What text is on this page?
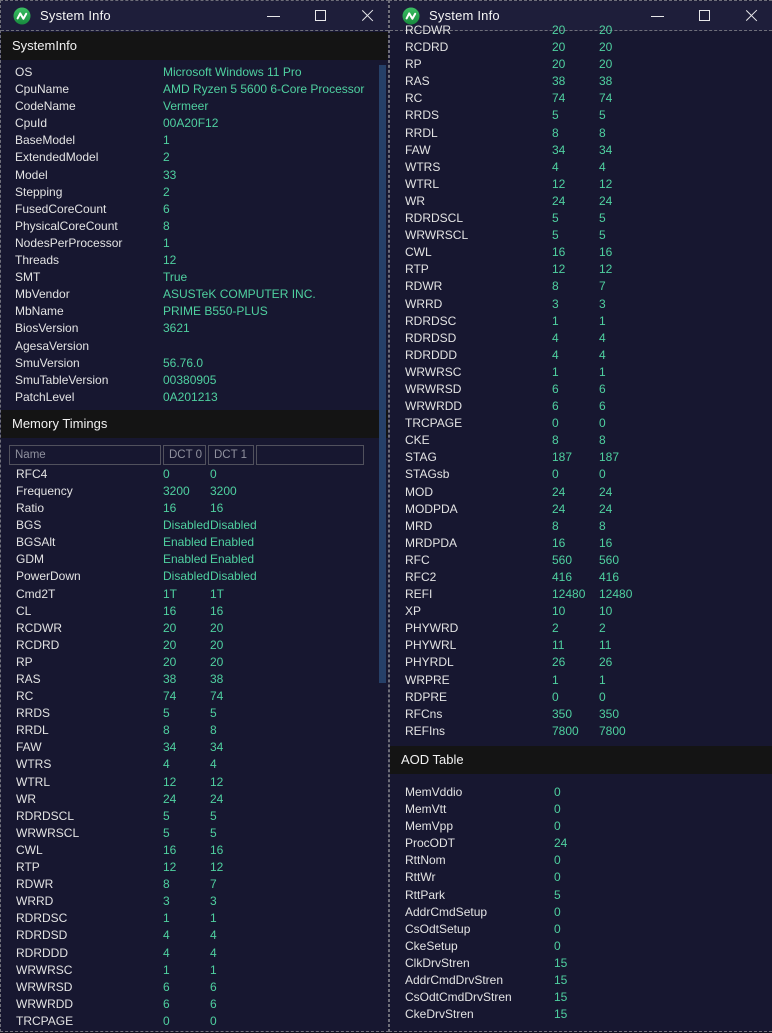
System Info
SystemInfo
OS	Microsoft Windows 11 Pro
CpuName	AMD Ryzen 5 5600 6-Core Processor
CodeName	Vermeer
CpuId	00A20F12
BaseModel	1
ExtendedModel	2
Model	33
Stepping	2
FusedCoreCount	6
PhysicalCoreCount	8
NodesPerProcessor	1
Threads	12
SMT	True
MbVendor	ASUSTeK COMPUTER INC.
MbName	PRIME B550-PLUS
BiosVersion	3621
AgesaVersion
SmuVersion	56.76.0
SmuTableVersion	00380905
PatchLevel	0A201213
Memory Timings
Name	DCT 0	DCT 1
RFC4	0	0
Frequency	3200	3200
Ratio	16	16
BGS	Disabled Disabled
BGSAlt	Enabled Enabled
GDM	Enabled Enabled
PowerDown	Disabled Disabled
Cmd2T	1T	1T
CL	16	16
RCDWR	20	20
RCDRD	20	20
RP	20	20
RAS	38	38
RC	74	74
RRDS	5	5
RRDL	8	8
FAW	34	34
WTRS	4	4
WTRL	12	12
WR	24	24
RDRDSCL	5	5
WRWRSCL	5	5
CWL	16	16
RTP	12	12
RDWR	8	7
WRRD	3	3
RDRDSC	1	1
RDRDSD	4	4
RDRDDD	4	4
WRWRSC	1	1
WRWRSD	6	6
WRWRDD	6	6
TRCPAGE	0	0
System Info
RCDWR	20	20
RCDRD	20	20
RP	20	20
RAS	38	38
RC	74	74
RRDS	5	5
RRDL	8	8
FAW	34	34
WTRS	4	4
WTRL	12	12
WR	24	24
RDRDSCL	5	5
WRWRSCL	5	5
CWL	16	16
RTP	12	12
RDWR	8	7
WRRD	3	3
RDRDSC	1	1
RDRDSD	4	4
RDRDDD	4	4
WRWRSC	1	1
WRWRSD	6	6
WRWRDD	6	6
TRCPAGE	0	0
CKE	8	8
STAG	187	187
STAGsb	0	0
MOD	24	24
MODPDA	24	24
MRD	8	8
MRDPDA	16	16
RFC	560	560
RFC2	416	416
REFI	12480	12480
XP	10	10
PHYWRD	2	2
PHYWRL	11	11
PHYRDL	26	26
WRPRE	1	1
RDPRE	0	0
RFCns	350	350
REFIns	7800	7800
AOD Table
MemVddio	0
MemVtt	0
MemVpp	0
ProcODT	24
RttNom	0
RttWr	0
RttPark	5
AddrCmdSetup	0
CsOdtSetup	0
CkeSetup	0
ClkDrvStren	15
AddrCmdDrvStren	15
CsOdtCmdDrvStren	15
CkeDrvStren	15
